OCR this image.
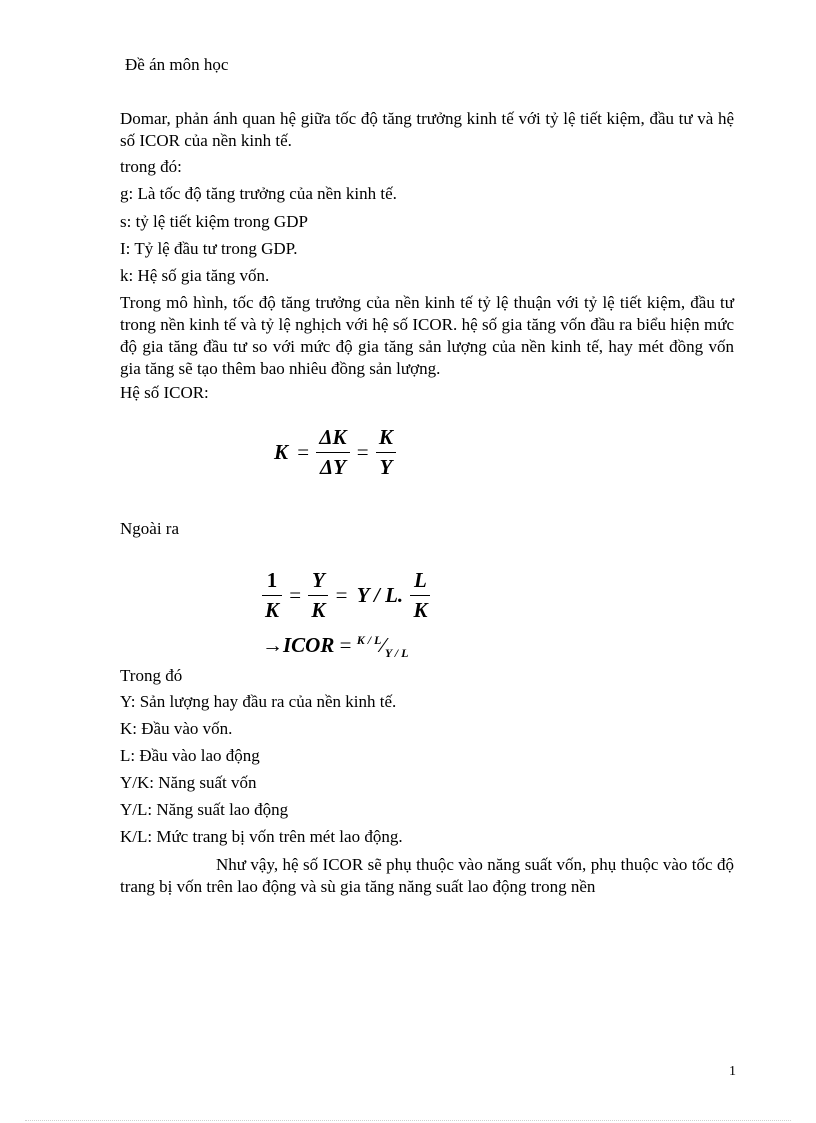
Đề án môn học
Domar, phản ánh quan hệ giữa tốc độ tăng trưởng kinh tế với tỷ lệ tiết kiệm, đầu tư và hệ số ICOR của nền kinh tế.
trong đó:
g: Là tốc độ tăng trưởng của nền kinh tế.
s: tỷ lệ tiết kiệm trong GDP
I: Tỷ lệ đầu tư trong GDP.
k: Hệ số gia tăng vốn.
Trong mô hình, tốc độ tăng trưởng của nền kinh tế tỷ lệ thuận với tỷ lệ tiết kiệm, đầu tư trong nền kinh tế và tỷ lệ nghịch với hệ số ICOR. hệ số gia tăng vốn đầu ra biểu hiện mức độ gia tăng đầu tư so với mức độ gia tăng sản lượng của nền kinh tế, hay mét đồng vốn gia tăng sẽ tạo thêm bao nhiêu đồng sản lượng.
Hệ số ICOR:
$K = \frac{\Delta K}{\Delta Y} = \frac{K}{Y}$
Ngoài ra
$\frac{1}{K} = \frac{Y}{K} = Y / L$. $\frac{L}{K}$
→ICOR = $^{K / L}⁄_{Y / L}$
Trong đó
Y: Sản lượng hay đầu ra của nền kinh tế.
K: Đầu vào vốn.
L: Đầu vào lao động
Y/K: Năng suất vốn
Y/L: Năng suất lao động
K/L: Mức trang bị vốn trên mét lao động.
Như vậy, hệ số ICOR sẽ phụ thuộc vào năng suất vốn, phụ thuộc vào tốc độ trang bị vốn trên lao động và sù gia tăng năng suất lao động trong nền
1
